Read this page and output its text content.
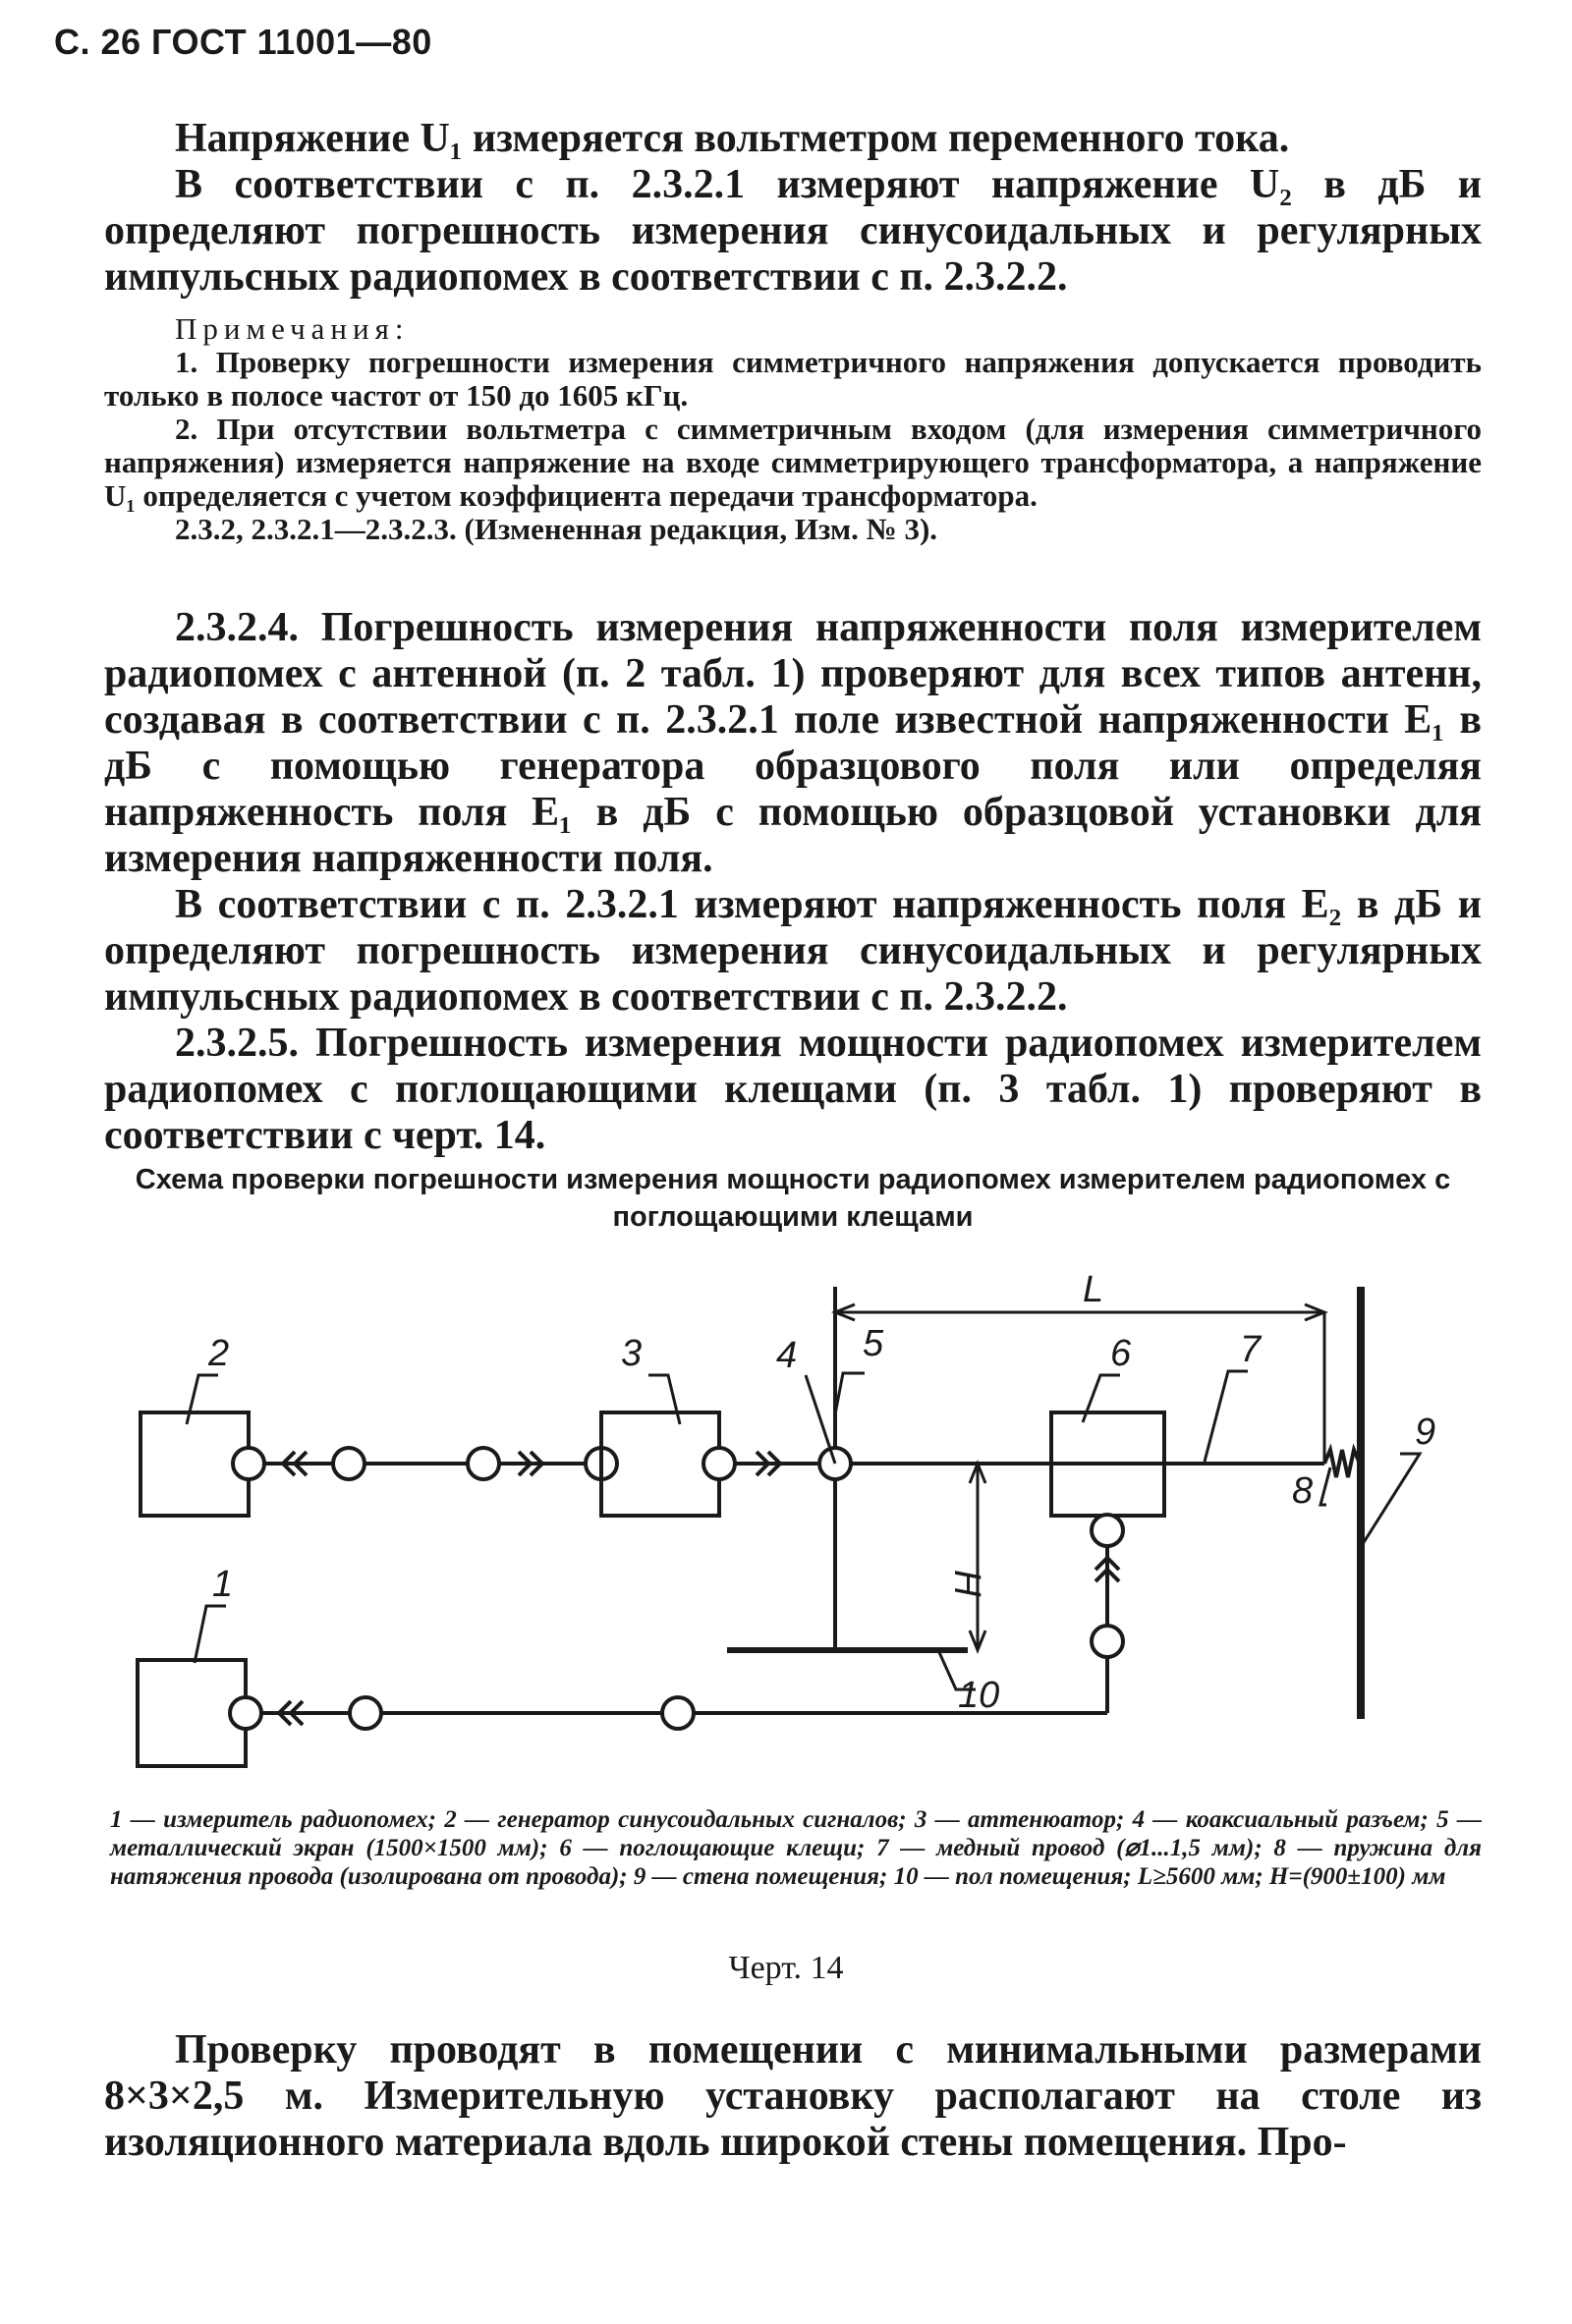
С. 26 ГОСТ 11001—80

Напряжение U₁ измеряется вольтметром переменного тока.

В соответствии с п. 2.3.2.1 измеряют напряжение U₂ в дБ и определяют погрешность измерения синусоидальных и регулярных импульсных радиопомех в соответствии с п. 2.3.2.2.

Примечания:

1. Проверку погрешности измерения симметричного напряжения допускается проводить только в полосе частот от 150 до 1605 кГц.

2. При отсутствии вольтметра с симметричным входом (для измерения симметричного напряжения) измеряется напряжение на входе симметрирующего трансформатора, а напряжение U₁ определяется с учетом коэффициента передачи трансформатора.

2.3.2, 2.3.2.1—2.3.2.3. (Измененная редакция, Изм. № 3).

2.3.2.4. Погрешность измерения напряженности поля измерителем радиопомех с антенной (п. 2 табл. 1) проверяют для всех типов антенн, создавая в соответствии с п. 2.3.2.1 поле известной напряженности E₁ в дБ с помощью генератора образцового поля или определяя напряженность поля E₁ в дБ с помощью образцовой установки для измерения напряженности поля.

В соответствии с п. 2.3.2.1 измеряют напряженность поля E₂ в дБ и определяют погрешность измерения синусоидальных и регулярных импульсных радиопомех в соответствии с п. 2.3.2.2.

2.3.2.5. Погрешность измерения мощности радиопомех измерителем радиопомех с поглощающими клещами (п. 3 табл. 1) проверяют в соответствии с черт. 14.

Схема проверки погрешности измерения мощности радиопомех измерителем радиопомех с поглощающими клещами
2	3	4 5	6	7
8
9
10
1
L
H
1 — измеритель радиопомех; 2 — генератор синусоидальных сигналов; 3 — аттенюатор; 4 — коаксиальный разъем; 5 — металлический экран (1500×1500 мм); 6 — поглощающие клещи; 7 — медный провод (⌀1...1,5 мм); 8 — пружина для натяжения провода (изолирована от провода); 9 — стена помещения; 10 — пол помещения; L≥5600 мм; H=(900±100) мм
Черт. 14

Проверку проводят в помещении с минимальными размерами 8×3×2,5 м. Измерительную установку располагают на столе из изоляционного материала вдоль широкой стены помещения. Про-
